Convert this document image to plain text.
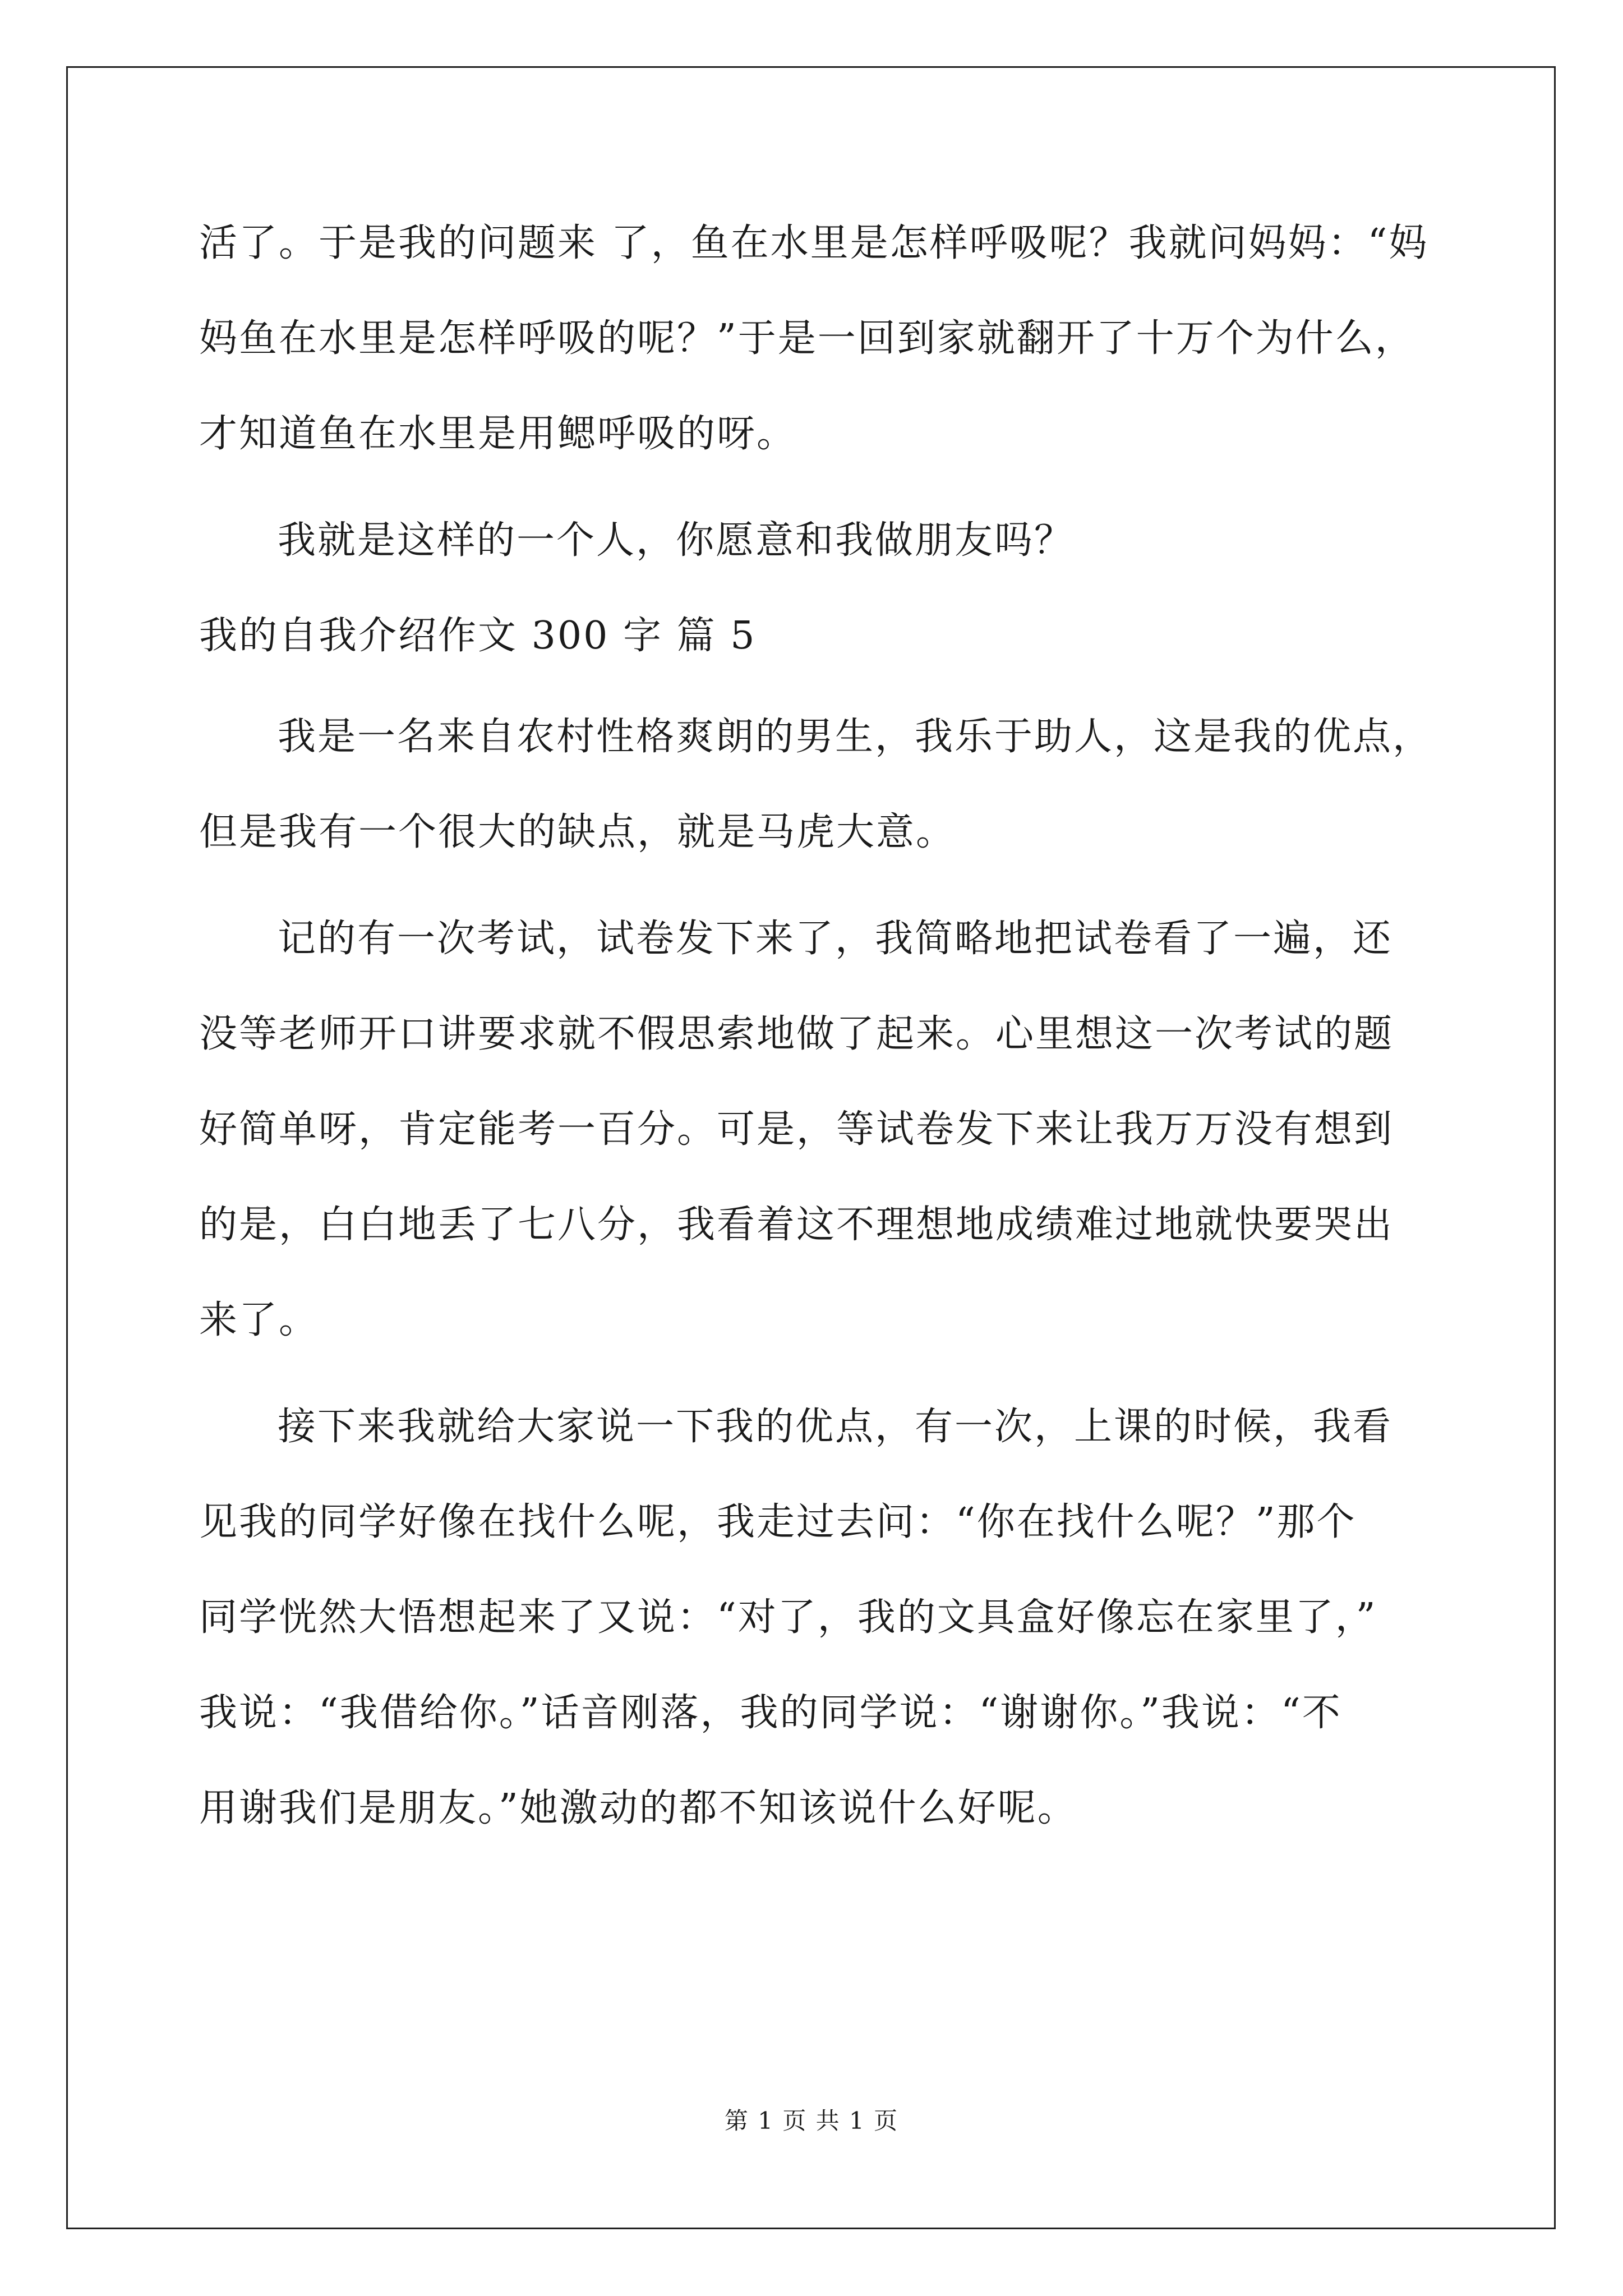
活了。于是我的问题来 了，鱼在水里是怎样呼吸呢？我就问妈妈：“妈

妈鱼在水里是怎样呼吸的呢？”于是一回到家就翻开了十万个为什么，

才知道鱼在水里是用鳃呼吸的呀。

我就是这样的一个人，你愿意和我做朋友吗？

我的自我介绍作文 300 字 篇 5

我是一名来自农村性格爽朗的男生，我乐于助人，这是我的优点，

但是我有一个很大的缺点，就是马虎大意。

记的有一次考试，试卷发下来了，我简略地把试卷看了一遍，还

没等老师开口讲要求就不假思索地做了起来。心里想这一次考试的题

好简单呀，肯定能考一百分。可是，等试卷发下来让我万万没有想到

的是，白白地丢了七八分，我看着这不理想地成绩难过地就快要哭出

来了。

接下来我就给大家说一下我的优点，有一次，上课的时候，我看

见我的同学好像在找什么呢，我走过去问：“你在找什么呢？”那个

同学恍然大悟想起来了又说：“对了，我的文具盒好像忘在家里了，”

我说：“我借给你。”话音刚落，我的同学说：“谢谢你。”我说：“不

用谢我们是朋友。”她激动的都不知该说什么好呢。

第 1 页 共 1 页
